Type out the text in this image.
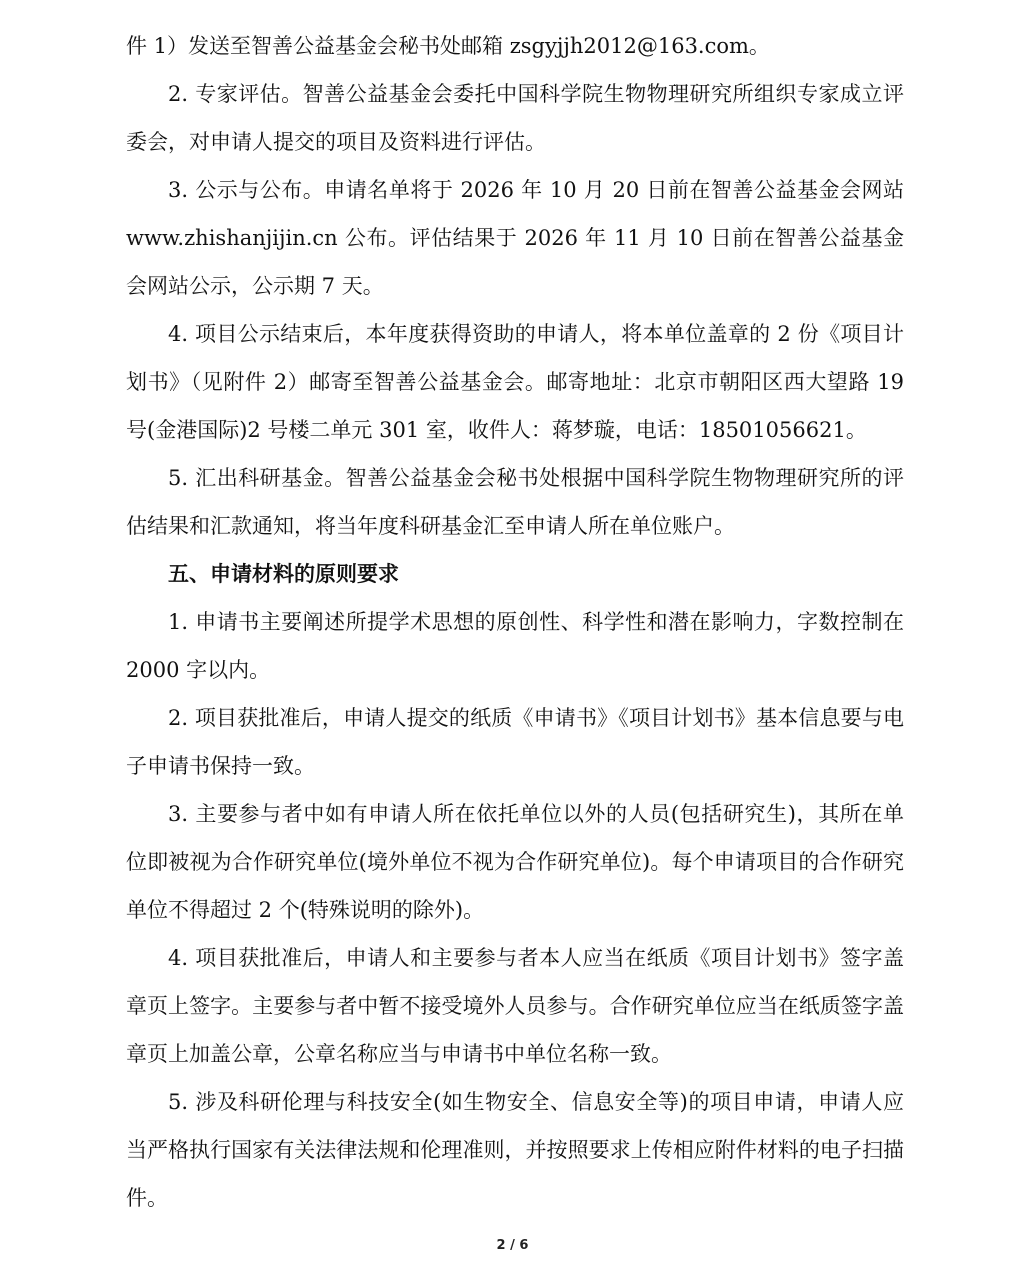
件 1）发送至智善公益基金会秘书处邮箱 zsgyjjh2012@163.com。

2. 专家评估。智善公益基金会委托中国科学院生物物理研究所组织专家成立评委会，对申请人提交的项目及资料进行评估。

3. 公示与公布。申请名单将于 2026 年 10 月 20 日前在智善公益基金会网站 www.zhishanjijin.cn 公布。评估结果于 2026 年 11 月 10 日前在智善公益基金会网站公示，公示期 7 天。

4. 项目公示结束后，本年度获得资助的申请人，将本单位盖章的 2 份《项目计划书》（见附件 2）邮寄至智善公益基金会。邮寄地址：北京市朝阳区西大望路 19 号(金港国际)2 号楼二单元 301 室，收件人：蒋梦璇，电话：18501056621。

5. 汇出科研基金。智善公益基金会秘书处根据中国科学院生物物理研究所的评估结果和汇款通知，将当年度科研基金汇至申请人所在单位账户。

五、申请材料的原则要求

1. 申请书主要阐述所提学术思想的原创性、科学性和潜在影响力，字数控制在 2000 字以内。

2. 项目获批准后，申请人提交的纸质《申请书》《项目计划书》基本信息要与电子申请书保持一致。

3. 主要参与者中如有申请人所在依托单位以外的人员(包括研究生)，其所在单位即被视为合作研究单位(境外单位不视为合作研究单位)。每个申请项目的合作研究单位不得超过 2 个(特殊说明的除外)。

4. 项目获批准后，申请人和主要参与者本人应当在纸质《项目计划书》签字盖章页上签字。主要参与者中暂不接受境外人员参与。合作研究单位应当在纸质签字盖章页上加盖公章，公章名称应当与申请书中单位名称一致。

5. 涉及科研伦理与科技安全(如生物安全、信息安全等)的项目申请，申请人应当严格执行国家有关法律法规和伦理准则，并按照要求上传相应附件材料的电子扫描件。

2 / 6
